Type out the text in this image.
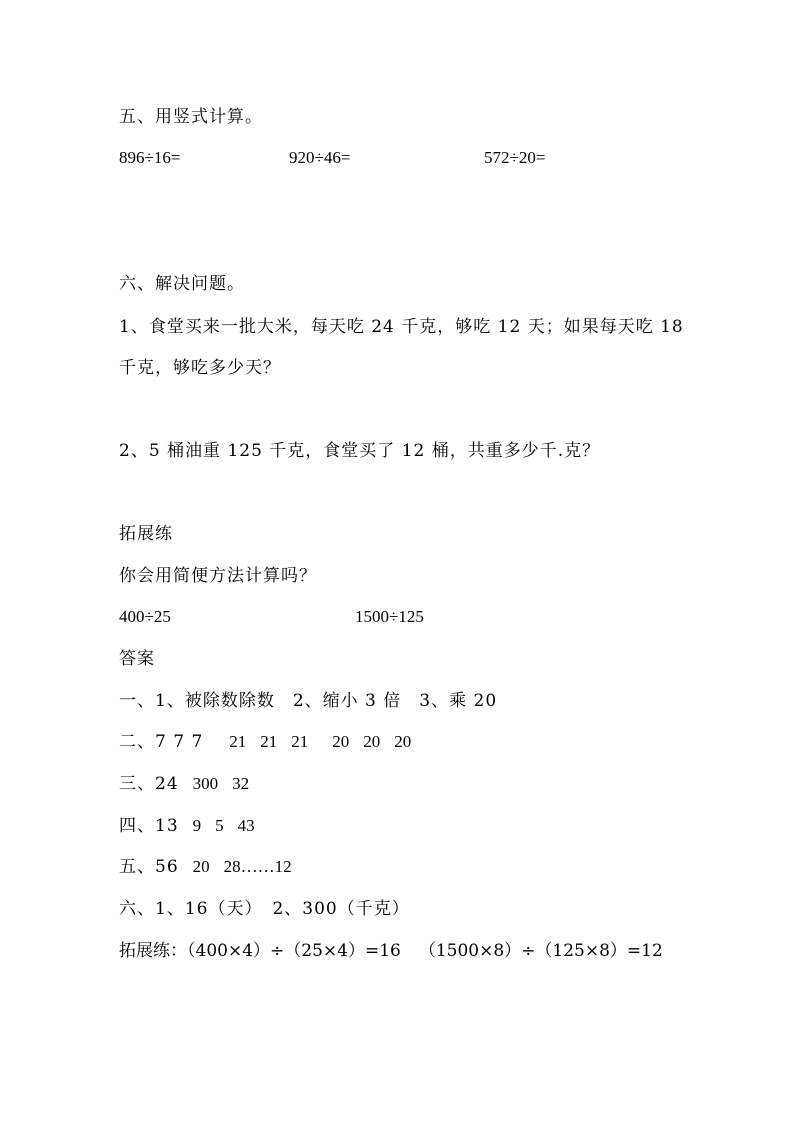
五、用竖式计算。
896÷16=	920÷46=	572÷20=
六、解决问题。
1、食堂买来一批大米，每天吃 24 千克，够吃 12 天；如果每天吃 18
千克，够吃多少天？
2、5 桶油重 125 千克，食堂买了 12 桶，共重多少千.克？
拓展练
你会用简便方法计算吗？
400÷25	1500÷125
答案
一、1、被除数除数 2、缩小 3 倍 3、乘 20
二、7 7 7 21 21 21 20 20 20
三、24 300 32
四、13 9 5 43
五、56 20 28……12
六、1、16（天） 2、300（千克）
拓展练：（400×4）÷（25×4）=16 （1500×8）÷（125×8）=12
